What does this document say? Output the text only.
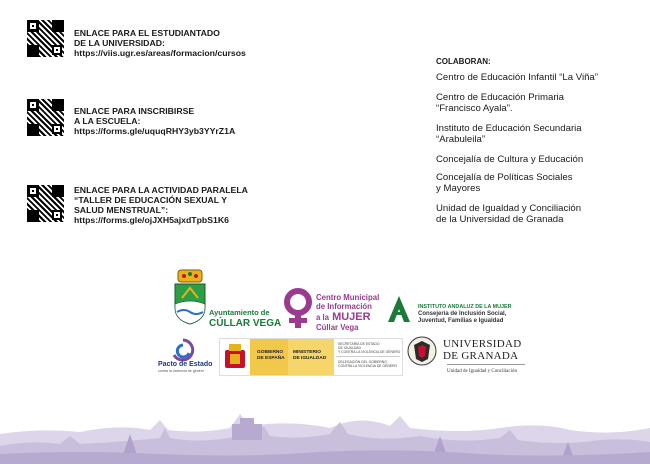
ENLACE PARA EL ESTUDIANTADO
DE LA UNIVERSIDAD:
https://viis.ugr.es/areas/formacion/cursos
ENLACE PARA INSCRIBIRSE
A LA ESCUELA:
https://forms.gle/uquqRHY3yb3YYrZ1A
ENLACE PARA LA ACTIVIDAD PARALELA
“TALLER DE EDUCACIÓN SEXUAL Y
SALUD MENSTRUAL”:
https://forms.gle/ojJXH5ajxdTpbS1K6
COLABORAN:
Centro de Educación Infantil “La Viña”
Centro de Educación Primaria
“Francisco Ayala”.
Instituto de Educación Secundaria
“Arabuleila”
Concejalía de Cultura y Educación
Concejalía de Políticas Sociales
y Mayores
Unidad de Igualdad y Conciliación
de la Universidad de Granada
Ayuntamiento de
CÚLLAR VEGA
Centro Municipal
de Información
a la MUJER
Cúllar Vega
INSTITUTO ANDALUZ DE LA MUJER
Consejería de Inclusión Social,
Juventud, Familias e Igualdad
Pacto de Estado
contra la violencia de género
GOBIERNO
DE ESPAÑA
MINISTERIO
DE IGUALDAD
SECRETARÍA DE ESTADO
DE IGUALDAD
Y CONTRA LA VIOLENCIA DE GÉNERO
DELEGACIÓN DEL GOBIERNO
CONTRA LA VIOLENCIA DE GÉNERO
UNIVERSIDAD
DE GRANADA
Unidad de Igualdad y Conciliación
